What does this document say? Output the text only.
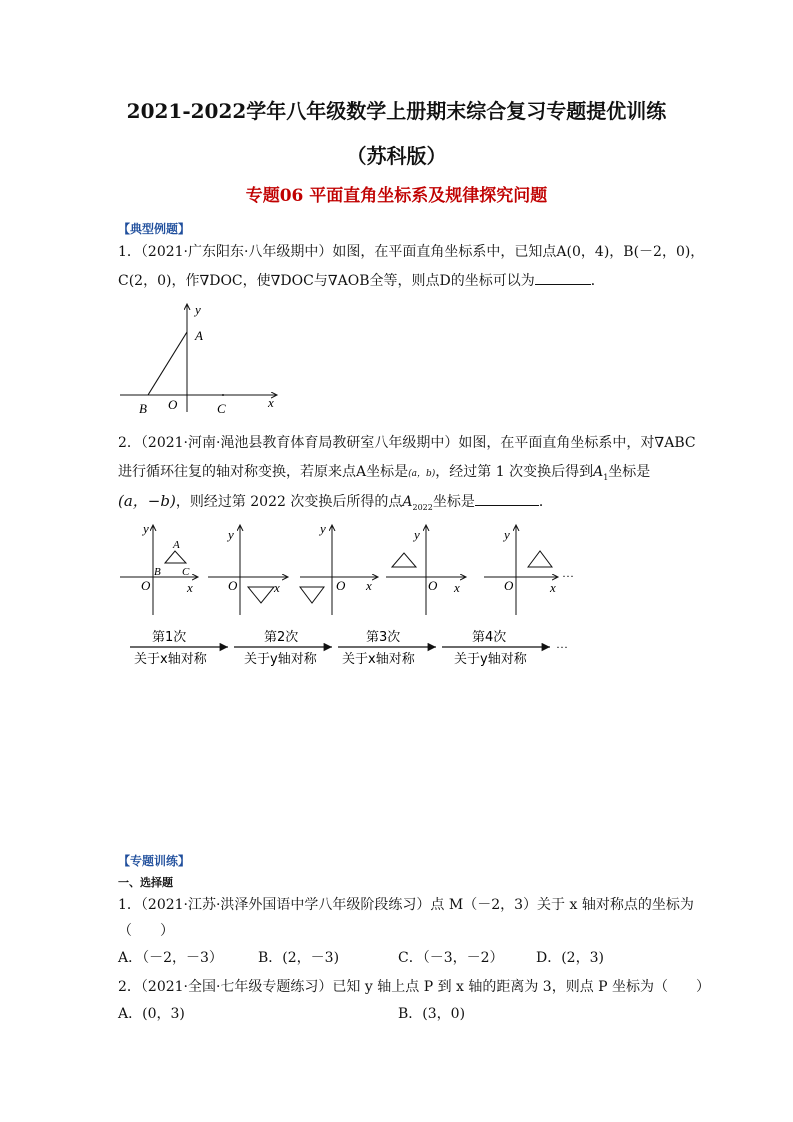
2021-2022学年八年级数学上册期末综合复习专题提优训练
（苏科版）
专题06 平面直角坐标系及规律探究问题
【典型例题】
1．（2021·广东阳东·八年级期中）如图，在平面直角坐标系中，已知点A(0，4)，B(－2，0)，
C(2，0)，作∇DOC，使∇DOC与∇AOB全等，则点D的坐标可以为	．
y
A
B O	C	x
2．（2021·河南·渑池县教育体育局教研室八年级期中）如图，在平面直角坐标系中，对∇ABC
进行循环往复的轴对称变换，若原来点A坐标是(a，b)，经过第 1 次变换后得到$A_1$坐标是
(a，−b)，则经过第 2022 次变换后所得的点$A_{2022}$坐标是	．
y
A
B C
O	x
y
O	x
y
O x
y
O x
y
O	x
···
第1次
关于x轴对称
第2次
关于y轴对称
第3次
关于x轴对称
第4次
关于y轴对称
···
【专题训练】
一、选择题
1．（2021·江苏·洪泽外国语中学八年级阶段练习）点 M（－2，3）关于 x 轴对称点的坐标为
（　　）
A．（－2，－3）	B．(2，－3)	C．（－3，－2） D．(2，3)
2．（2021·全国·七年级专题练习）已知 y 轴上点 P 到 x 轴的距离为 3，则点 P 坐标为（　　）
A．(0，3)	B．(3，0)
